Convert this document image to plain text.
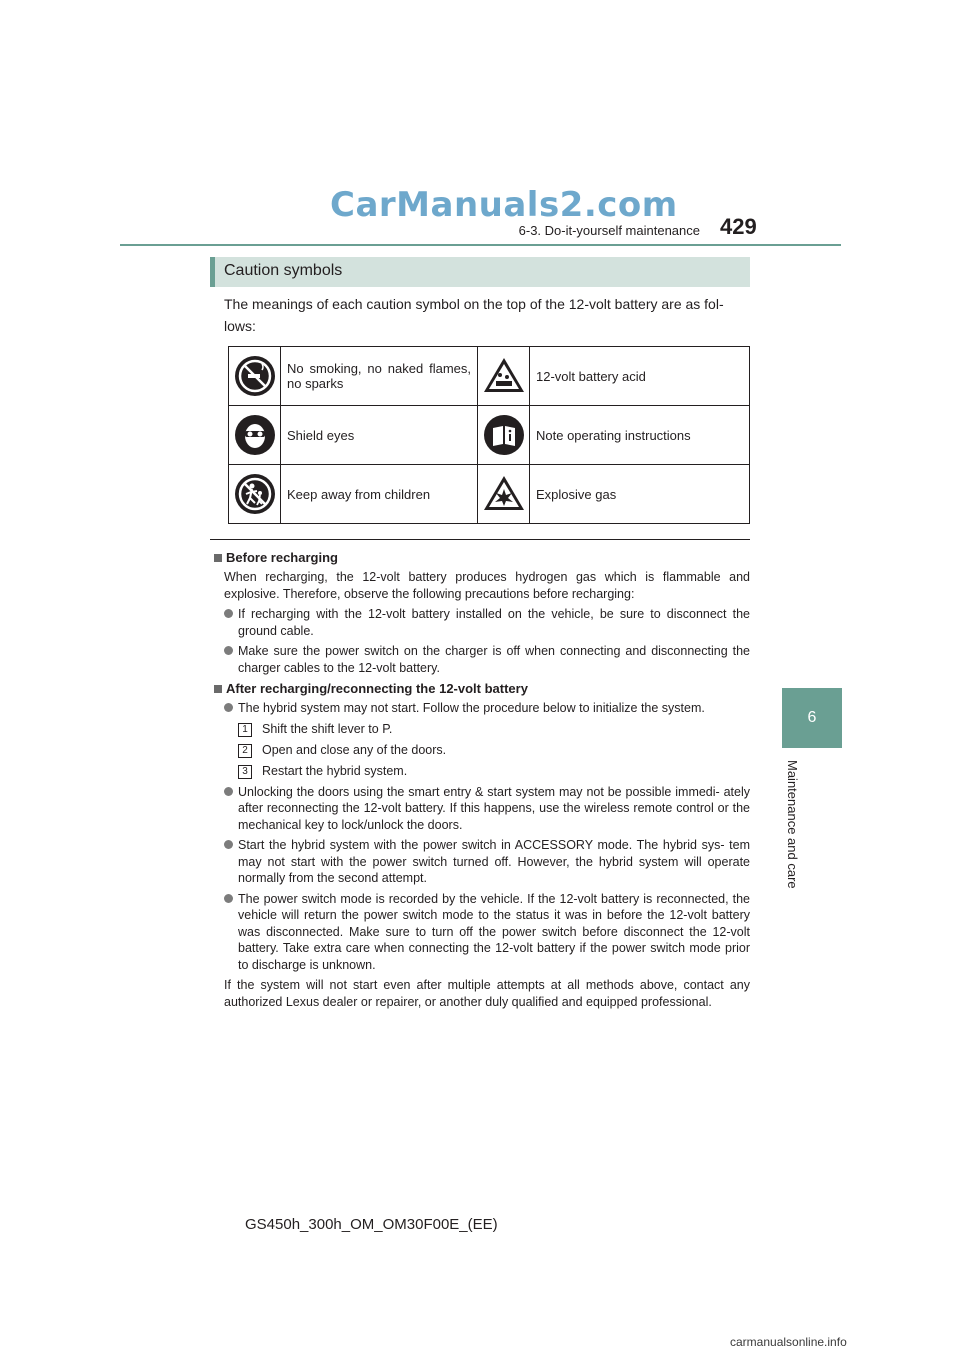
CarManuals2.com
6-3. Do-it-yourself maintenance 429
6
Maintenance and care
Caution symbols
The meanings of each caution symbol on the top of the 12-volt battery are as fol- lows:
	No smoking, no naked flames, no sparks		12-volt battery acid

	Shield eyes		Note operating instructions

	Keep away from children		Explosive gas
Before recharging
When recharging, the 12-volt battery produces hydrogen gas which is flammable and explosive. Therefore, observe the following precautions before recharging:
If recharging with the 12-volt battery installed on the vehicle, be sure to disconnect the ground cable.
Make sure the power switch on the charger is off when connecting and disconnecting the charger cables to the 12-volt battery.
After recharging/reconnecting the 12-volt battery
The hybrid system may not start. Follow the procedure below to initialize the system.
1 Shift the shift lever to P.
2 Open and close any of the doors.
3 Restart the hybrid system.
Unlocking the doors using the smart entry & start system may not be possible immedi- ately after reconnecting the 12-volt battery. If this happens, use the wireless remote control or the mechanical key to lock/unlock the doors.
Start the hybrid system with the power switch in ACCESSORY mode. The hybrid sys- tem may not start with the power switch turned off. However, the hybrid system will operate normally from the second attempt.
The power switch mode is recorded by the vehicle. If the 12-volt battery is reconnected, the vehicle will return the power switch mode to the status it was in before the 12-volt battery was disconnected. Make sure to turn off the power switch before disconnect the 12-volt battery. Take extra care when connecting the 12-volt battery if the power switch mode prior to discharge is unknown.
If the system will not start even after multiple attempts at all methods above, contact any authorized Lexus dealer or repairer, or another duly qualified and equipped professional.
GS450h_300h_OM_OM30F00E_(EE)
carmanualsonline.info
